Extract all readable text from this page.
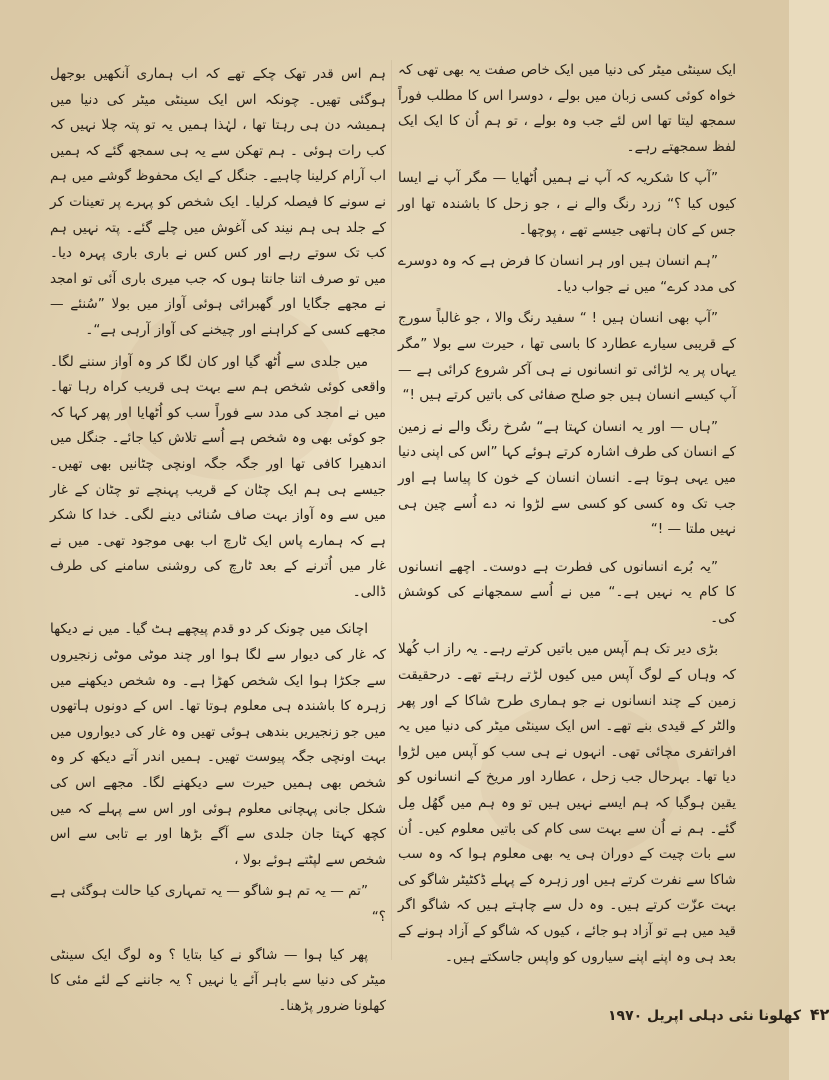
ایک سینٹی میٹر کی دنیا میں ایک خاص صفت یہ بھی تھی کہ خواہ کوئی کسی زبان میں بولے ، دوسرا اس کا مطلب فوراً سمجھ لیتا تھا اس لئے جب وہ بولے ، تو ہم اُن کا ایک ایک لفظ سمجھتے رہے۔

”آپ کا شکریہ کہ آپ نے ہمیں اُٹھایا — مگر آپ نے ایسا کیوں کیا ؟“ زرد رنگ والے نے ، جو زحل کا باشندہ تھا اور جس کے کان ہاتھی جیسے تھے ، پوچھا۔

”ہم انسان ہیں اور ہر انسان کا فرض ہے کہ وہ دوسرے کی مدد کرے“ میں نے جواب دیا۔

”آپ بھی انسان ہیں ! “ سفید رنگ والا ، جو غالباً سورج کے قریبی سیارے عطارد کا باسی تھا ، حیرت سے بولا ”مگر یہاں پر یہ لڑائی تو انسانوں نے ہی آکر شروع کرائی ہے — آپ کیسے انسان ہیں جو صلح صفائی کی باتیں کرتے ہیں !“

”ہاں — اور یہ انسان کہتا ہے“ سُرخ رنگ والے نے زمین کے انسان کی طرف اشارہ کرتے ہوئے کہا ”اس کی اپنی دنیا میں یہی ہوتا ہے۔ انسان انسان کے خون کا پیاسا ہے اور جب تک وہ کسی کو کسی سے لڑوا نہ دے اُسے چین ہی نہیں ملتا — !“

”یہ بُرے انسانوں کی فطرت ہے دوست۔ اچھے انسانوں کا کام یہ نہیں ہے۔“ میں نے اُسے سمجھانے کی کوشش کی۔

بڑی دیر تک ہم آپس میں باتیں کرتے رہے۔ یہ راز اب کُھلا کہ وہاں کے لوگ آپس میں کیوں لڑتے رہتے تھے۔ درحقیقت زمین کے چند انسانوں نے جو ہماری طرح شاکا کے اور پھر والٹر کے قیدی بنے تھے۔ اس ایک سینٹی میٹر کی دنیا میں یہ افراتفری مچائی تھی۔ انہوں نے ہی سب کو آپس میں لڑوا دیا تھا۔ بہرحال جب زحل ، عطارد اور مریخ کے انسانوں کو یقین ہوگیا کہ ہم ایسے نہیں ہیں تو وہ ہم میں گھُل مِل گئے۔ ہم نے اُن سے بہت سی کام کی باتیں معلوم کیں۔ اُن سے بات چیت کے دوران ہی یہ بھی معلوم ہوا کہ وہ سب شاکا سے نفرت کرتے ہیں اور زہرہ کے پہلے ڈکٹیٹر شاگو کی بہت عزّت کرتے ہیں۔ وہ دل سے چاہتے ہیں کہ شاگو اگر قید میں ہے تو آزاد ہو جائے ، کیوں کہ شاگو کے آزاد ہونے کے بعد ہی وہ اپنے اپنے سیاروں کو واپس جاسکتے ہیں۔

ہم اس قدر تھک چکے تھے کہ اب ہماری آنکھیں بوجھل ہوگئی تھیں۔ چونکہ اس ایک سینٹی میٹر کی دنیا میں ہمیشہ دن ہی رہتا تھا ، لہٰذا ہمیں یہ تو پتہ چلا نہیں کہ کب رات ہوئی ۔ ہم تھکن سے یہ ہی سمجھ گئے کہ ہمیں اب آرام کرلینا چاہیے۔ جنگل کے ایک محفوظ گوشے میں ہم نے سونے کا فیصلہ کرلیا۔ ایک شخص کو پہرے پر تعینات کر کے جلد ہی ہم نیند کی آغوش میں چلے گئے۔ پتہ نہیں ہم کب تک سوتے رہے اور کس کس نے باری باری پہرہ دیا۔ میں تو صرف اتنا جانتا ہوں کہ جب میری باری آئی تو امجد نے مجھے جگایا اور گھبرائی ہوئی آواز میں بولا ”سُنئے — مجھے کسی کے کراہنے اور چیخنے کی آواز آرہی ہے“۔

میں جلدی سے اُٹھ گیا اور کان لگا کر وہ آواز سننے لگا۔ واقعی کوئی شخص ہم سے بہت ہی قریب کراہ رہا تھا۔ میں نے امجد کی مدد سے فوراً سب کو اُٹھایا اور پھر کہا کہ جو کوئی بھی وہ شخص ہے اُسے تلاش کیا جائے۔ جنگل میں اندھیرا کافی تھا اور جگہ جگہ اونچی چٹانیں بھی تھیں۔ جیسے ہی ہم ایک چٹان کے قریب پہنچے تو چٹان کے غار میں سے وہ آواز بہت صاف سُنائی دینے لگی۔ خدا کا شکر ہے کہ ہمارے پاس ایک ٹارچ اب بھی موجود تھی۔ میں نے غار میں اُترنے کے بعد ٹارچ کی روشنی سامنے کی طرف ڈالی۔

اچانک میں چونک کر دو قدم پیچھے ہٹ گیا۔ میں نے دیکھا کہ غار کی دیوار سے لگا ہوا اور چند موٹی موٹی زنجیروں سے جکڑا ہوا ایک شخص کھڑا ہے۔ وہ شخص دیکھنے میں زہرہ کا باشندہ ہی معلوم ہوتا تھا۔ اس کے دونوں ہاتھوں میں جو زنجیریں بندھی ہوئی تھیں وہ غار کی دیواروں میں بہت اونچی جگہ پیوست تھیں۔ ہمیں اندر آتے دیکھ کر وہ شخص بھی ہمیں حیرت سے دیکھنے لگا۔ مجھے اس کی شکل جانی پہچانی معلوم ہوئی اور اس سے پہلے کہ میں کچھ کہتا جان جلدی سے آگے بڑھا اور بے تابی سے اس شخص سے لپٹتے ہوئے بولا ،

”تم — یہ تم ہو شاگو — یہ تمہاری کیا حالت ہوگئی ہے ؟“

پھر کیا ہوا — شاگو نے کیا بتایا ؟ وہ لوگ ایک سینٹی میٹر کی دنیا سے باہر آئے یا نہیں ؟ یہ جاننے کے لئے مئی کا کھلونا ضرور پڑھنا۔	۴۲ کھلونا نئی دہلی اپریل ۱۹۷۰
